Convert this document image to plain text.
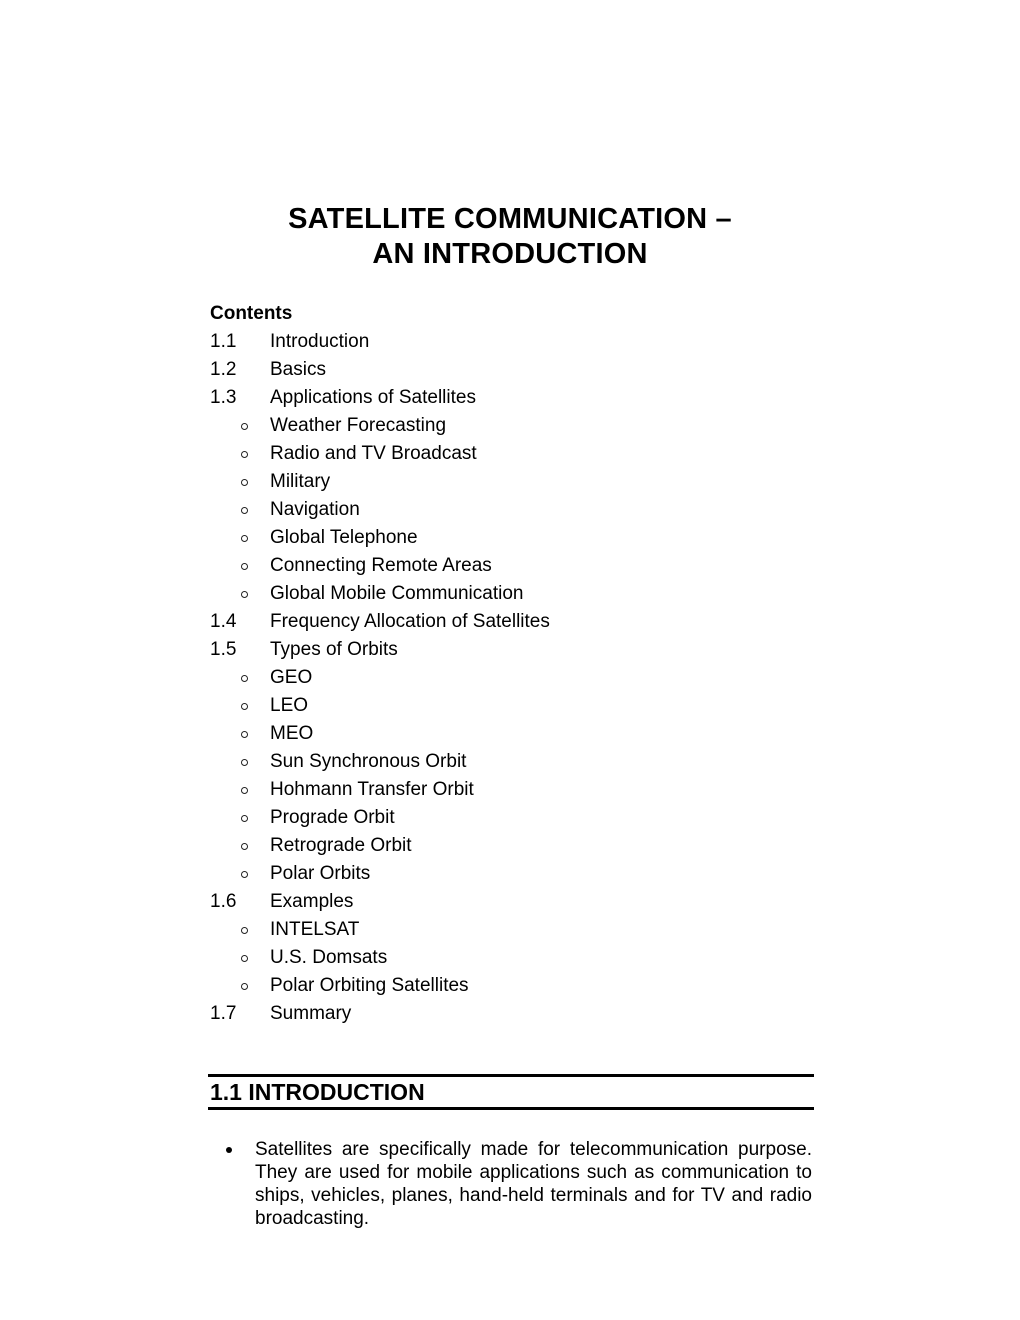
SATELLITE COMMUNICATION –
AN INTRODUCTION
Contents
1.1 Introduction
1.2 Basics
1.3 Applications of Satellites
Weather Forecasting
Radio and TV Broadcast
Military
Navigation
Global Telephone
Connecting Remote Areas
Global Mobile Communication
1.4 Frequency Allocation of Satellites
1.5 Types of Orbits
GEO
LEO
MEO
Sun Synchronous Orbit
Hohmann Transfer Orbit
Prograde Orbit
Retrograde Orbit
Polar Orbits
1.6 Examples
INTELSAT
U.S. Domsats
Polar Orbiting Satellites
1.7 Summary
1.1 INTRODUCTION
Satellites are specifically made for telecommunication purpose. They are used for mobile applications such as communication to ships, vehicles, planes, hand-held terminals and for TV and radio broadcasting.
